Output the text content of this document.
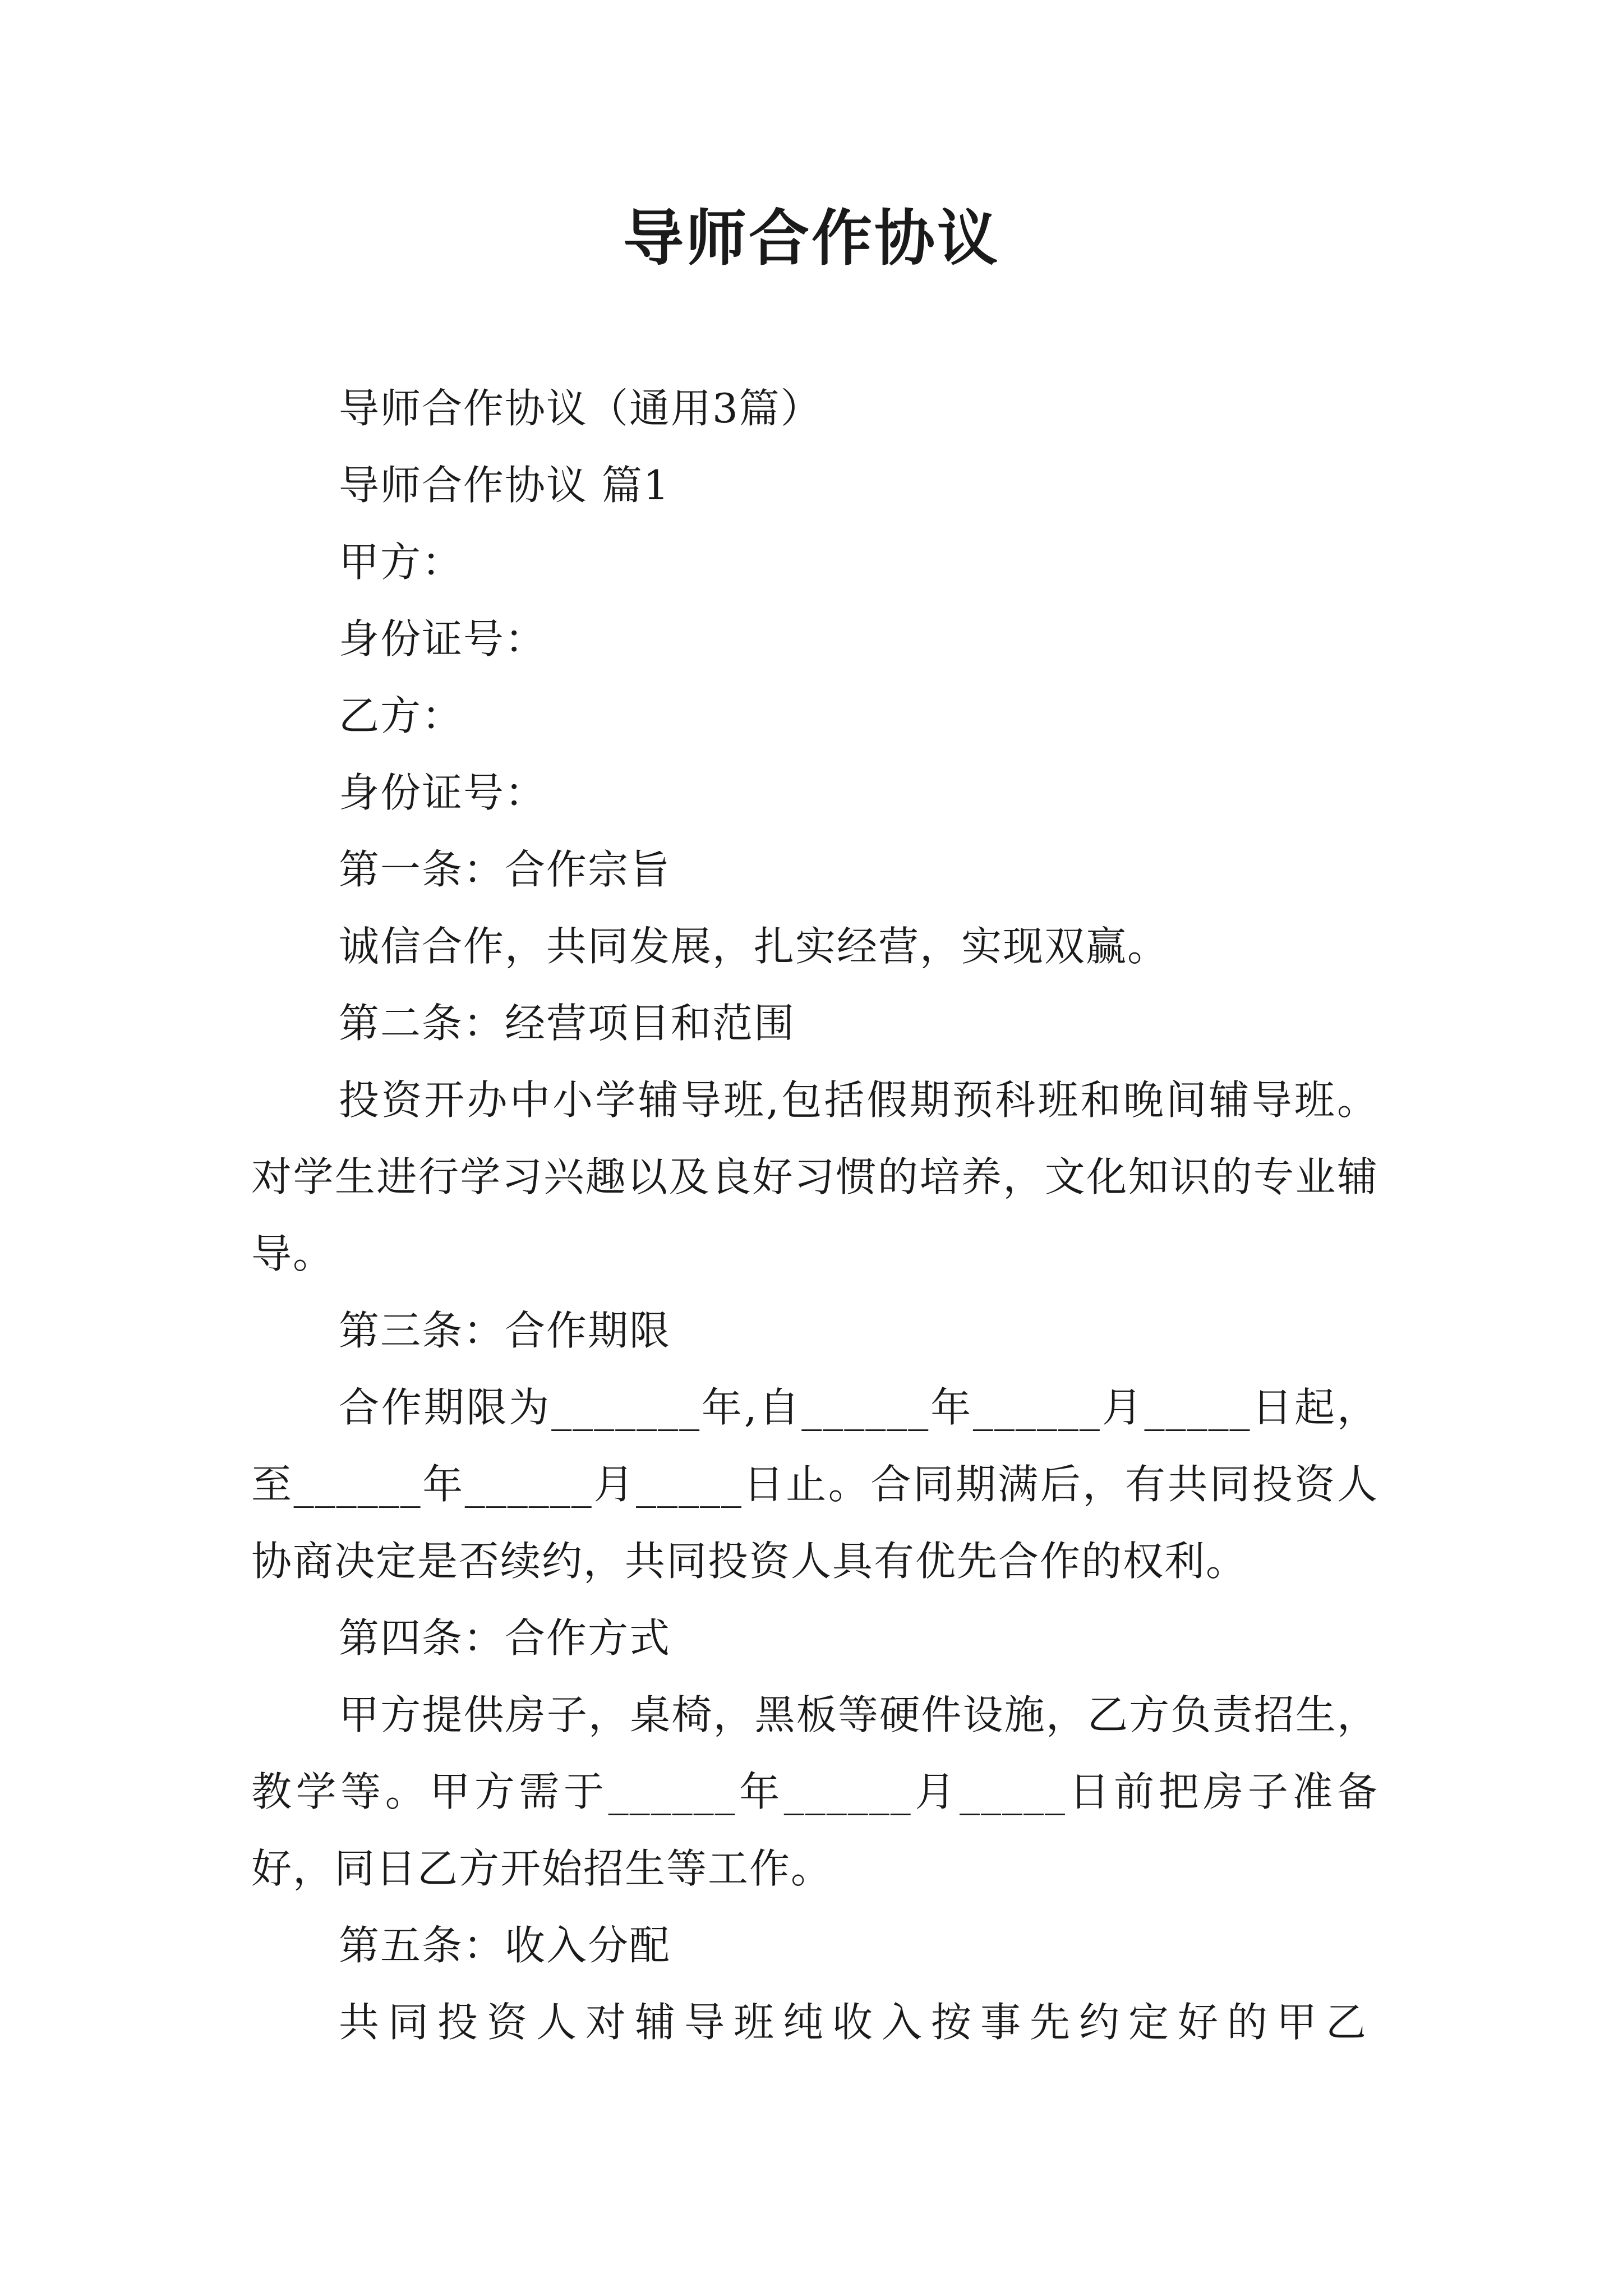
导师合作协议

导师合作协议（通用3篇）

导师合作协议 篇1

甲方：

身份证号：

乙方：

身份证号：

第一条：合作宗旨

诚信合作，共同发展，扎实经营，实现双赢。

第二条：经营项目和范围

投资开办中小学辅导班,包括假期预科班和晚间辅导班。对学生进行学习兴趣以及良好习惯的培养，文化知识的专业辅导。

第三条：合作期限

合作期限为_______年,自______年______月_____日起，至______年______月_____日止。合同期满后，有共同投资人协商决定是否续约，共同投资人具有优先合作的权利。

第四条：合作方式

甲方提供房子，桌椅，黑板等硬件设施，乙方负责招生，教学等。甲方需于______年______月_____日前把房子准备好，同日乙方开始招生等工作。

第五条：收入分配

共同投资人对辅导班纯收入按事先约定好的甲乙
